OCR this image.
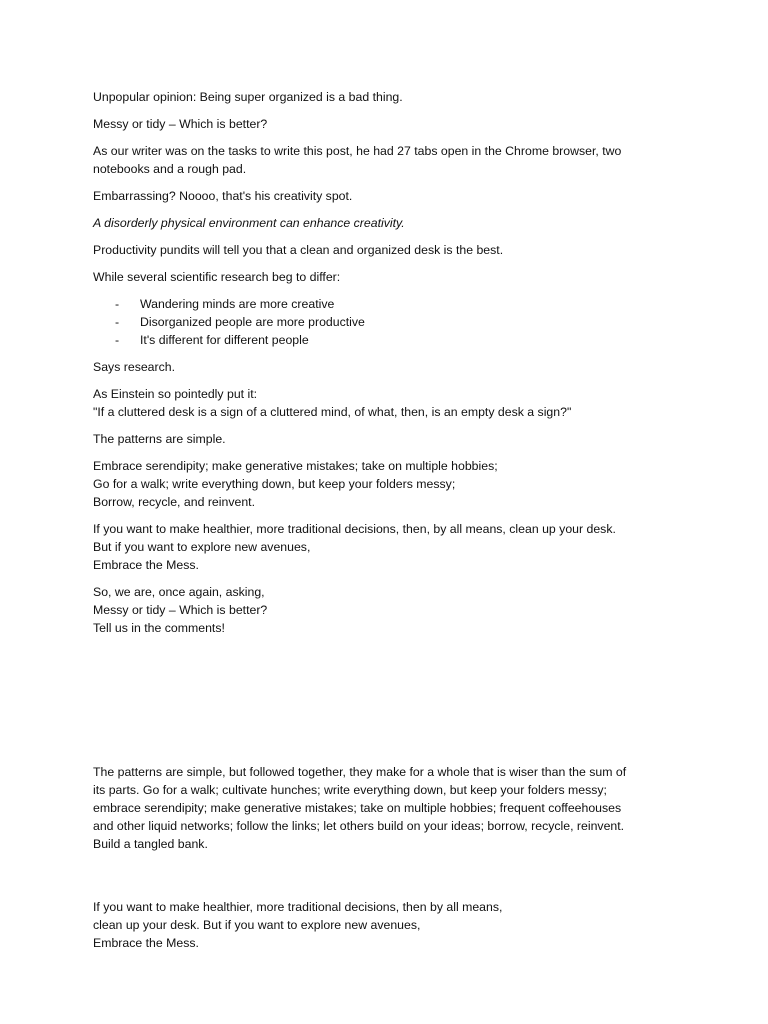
Unpopular opinion: Being super organized is a bad thing.

Messy or tidy – Which is better?

As our writer was on the tasks to write this post, he had 27 tabs open in the Chrome browser, two
notebooks and a rough pad.

Embarrassing? Noooo, that's his creativity spot.

A disorderly physical environment can enhance creativity.

Productivity pundits will tell you that a clean and organized desk is the best.

While several scientific research beg to differ:

- Wandering minds are more creative
- Disorganized people are more productive
- It's different for different people

Says research.

As Einstein so pointedly put it:
"If a cluttered desk is a sign of a cluttered mind, of what, then, is an empty desk a sign?"

The patterns are simple.

Embrace serendipity; make generative mistakes; take on multiple hobbies;
Go for a walk; write everything down, but keep your folders messy;
Borrow, recycle, and reinvent.

If you want to make healthier, more traditional decisions, then, by all means, clean up your desk.
But if you want to explore new avenues,
Embrace the Mess.

So, we are, once again, asking,
Messy or tidy – Which is better?
Tell us in the comments!

The patterns are simple, but followed together, they make for a whole that is wiser than the sum of
its parts. Go for a walk; cultivate hunches; write everything down, but keep your folders messy;
embrace serendipity; make generative mistakes; take on multiple hobbies; frequent coffeehouses
and other liquid networks; follow the links; let others build on your ideas; borrow, recycle, reinvent.
Build a tangled bank.

If you want to make healthier, more traditional decisions, then by all means,
clean up your desk. But if you want to explore new avenues,
Embrace the Mess.
